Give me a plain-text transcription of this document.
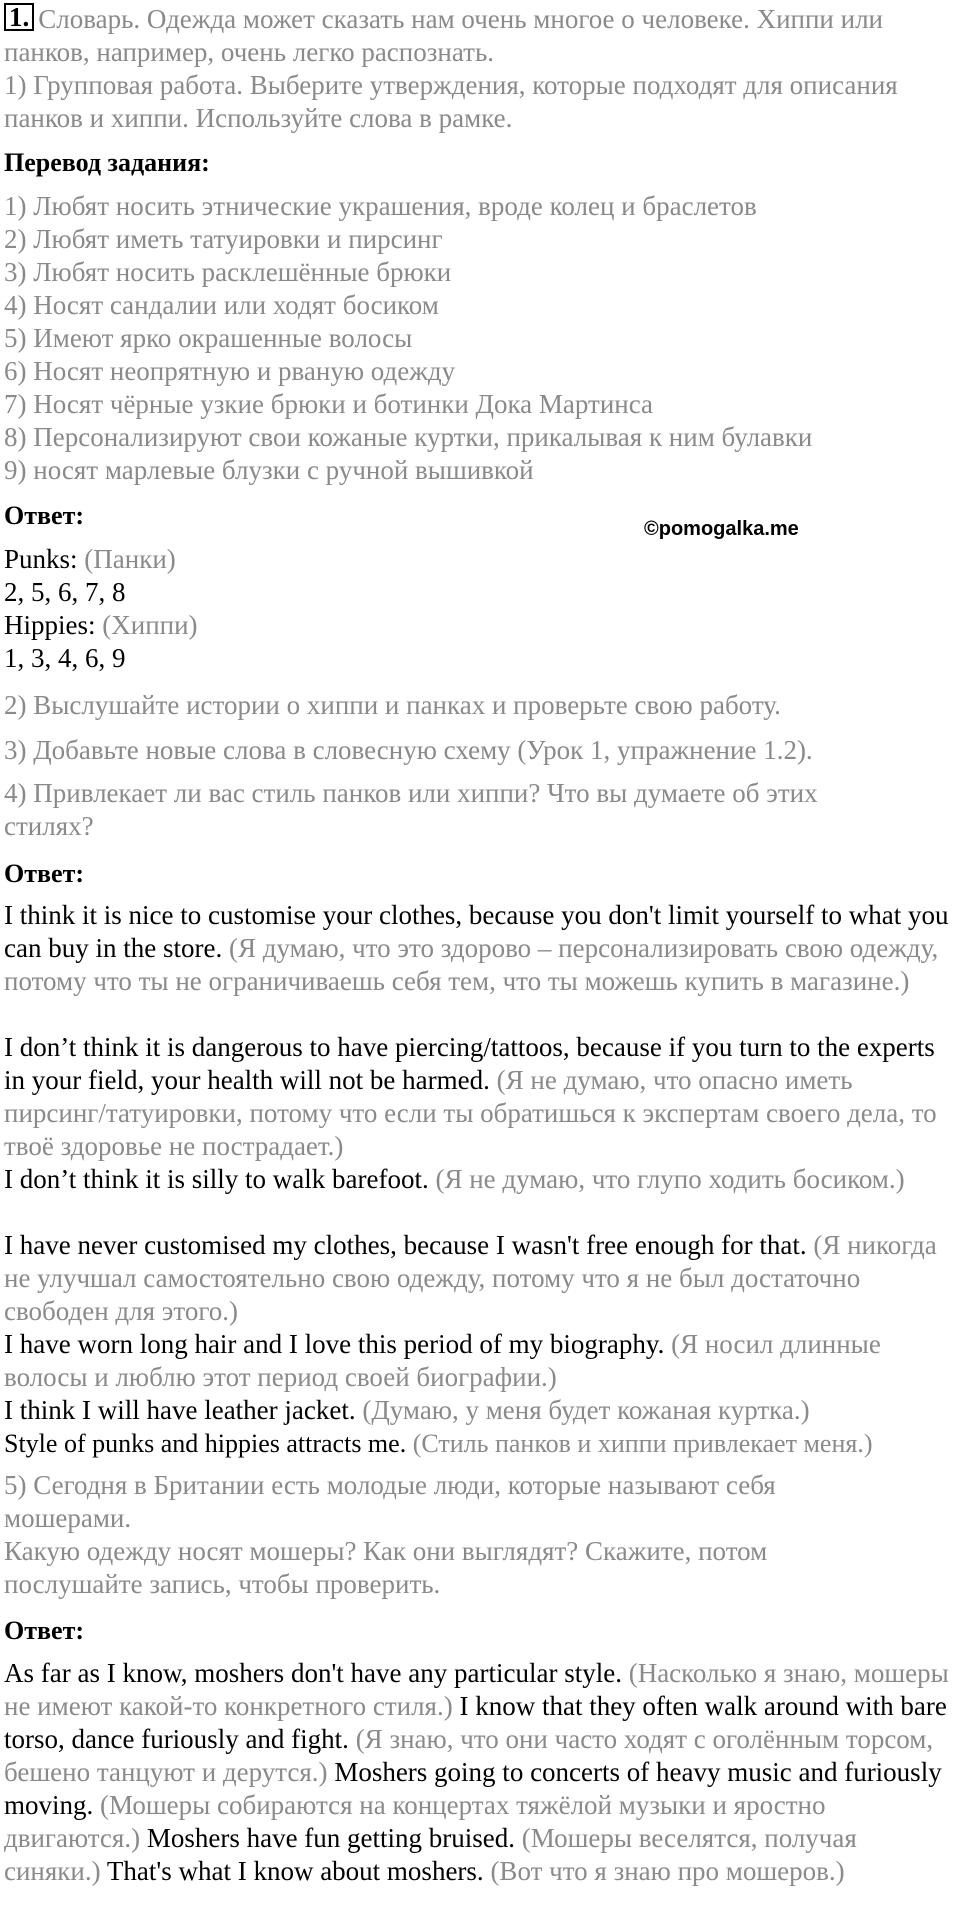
1. Словарь. Одежда может сказать нам очень многое о человеке. Хиппи или панков, например, очень легко распознать.

1) Групповая работа. Выберите утверждения, которые подходят для описания панков и хиппи. Используйте слова в рамке.

Перевод задания:

1) Любят носить этнические украшения, вроде колец и браслетов
2) Любят иметь татуировки и пирсинг
3) Любят носить расклешённые брюки
4) Носят сандалии или ходят босиком
5) Имеют ярко окрашенные волосы
6) Носят неопрятную и рваную одежду
7) Носят чёрные узкие брюки и ботинки Дока Мартинса
8) Персонализируют свои кожаные куртки, прикалывая к ним булавки
9) носят марлевые блузки с ручной вышивкой

Ответ:	©pomogalka.me
Punks: (Панки)
2, 5, 6, 7, 8
Hippies: (Хиппи)
1, 3, 4, 6, 9

2) Выслушайте истории о хиппи и панках и проверьте свою работу.

3) Добавьте новые слова в словесную схему (Урок 1, упражнение 1.2).

4) Привлекает ли вас стиль панков или хиппи? Что вы думаете об этих стилях?

Ответ:

I think it is nice to customise your clothes, because you don't limit yourself to what you can buy in the store. (Я думаю, что это здорово – персонализировать свою одежду, потому что ты не ограничиваешь себя тем, что ты можешь купить в магазине.)

I don’t think it is dangerous to have piercing/tattoos, because if you turn to the experts in your field, your health will not be harmed. (Я не думаю, что опасно иметь пирсинг/татуировки, потому что если ты обратишься к экспертам своего дела, то твоё здоровье не пострадает.)

I don’t think it is silly to walk barefoot. (Я не думаю, что глупо ходить босиком.)

I have never customised my clothes, because I wasn't free enough for that. (Я никогда не улучшал самостоятельно свою одежду, потому что я не был достаточно свободен для этого.)

I have worn long hair and I love this period of my biography. (Я носил длинные волосы и люблю этот период своей биографии.)

I think I will have leather jacket. (Думаю, у меня будет кожаная куртка.)

Style of punks and hippies attracts me. (Стиль панков и хиппи привлекает меня.)

5) Сегодня в Британии есть молодые люди, которые называют себя мошерами.

Какую одежду носят мошеры? Как они выглядят? Скажите, потом послушайте запись, чтобы проверить.

Ответ:

As far as I know, moshers don't have any particular style. (Насколько я знаю, мошеры не имеют какой-то конкретного стиля.) I know that they often walk around with bare torso, dance furiously and fight. (Я знаю, что они часто ходят с оголённым торсом, бешено танцуют и дерутся.) Moshers going to concerts of heavy music and furiously moving. (Мошеры собираются на концертах тяжёлой музыки и яростно двигаются.) Moshers have fun getting bruised. (Мошеры веселятся, получая синяки.) That's what I know about moshers. (Вот что я знаю про мошеров.)
